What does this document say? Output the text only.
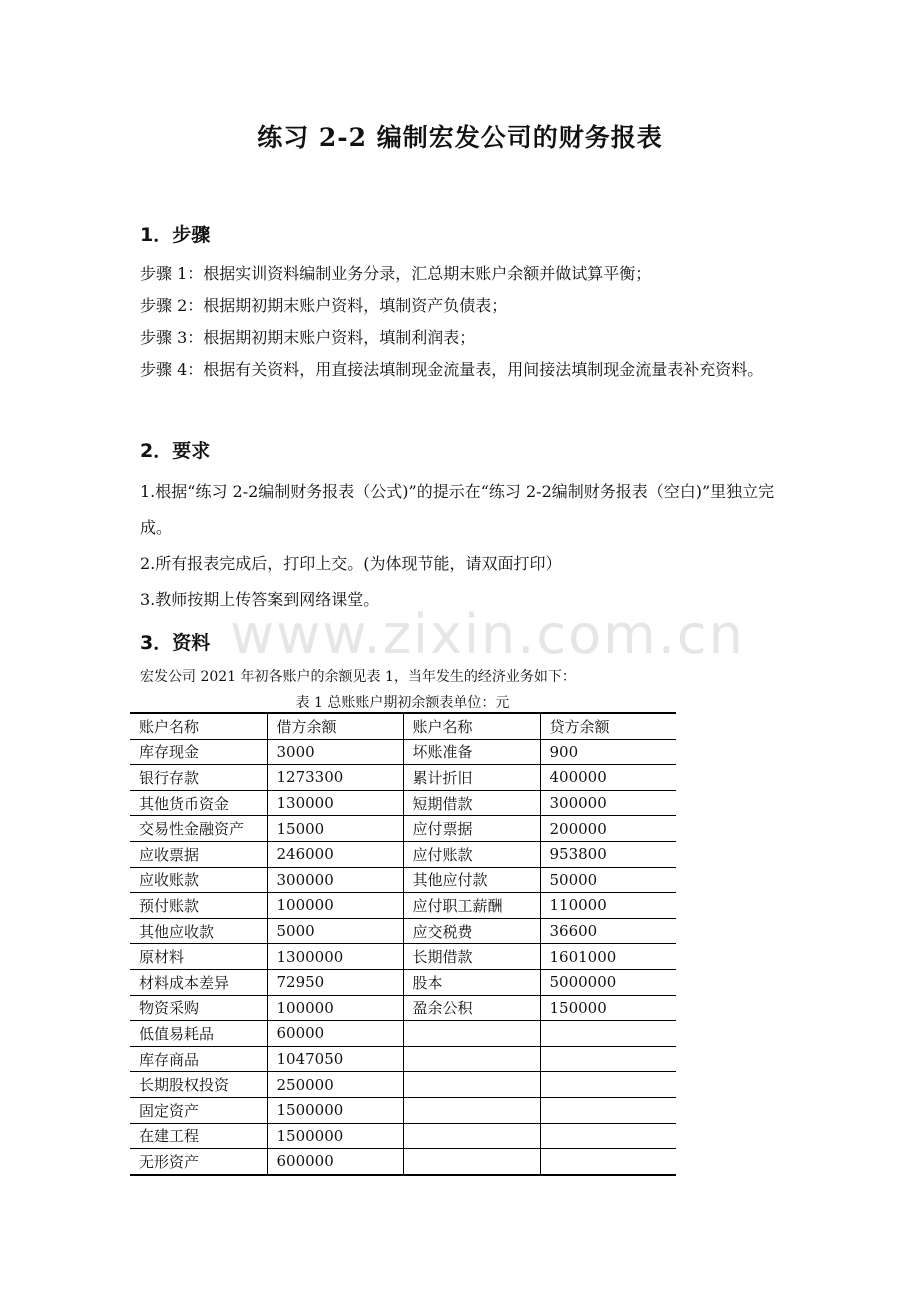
www.zixin.com.cn
练习 2-2 编制宏发公司的财务报表
1．步骤
步骤 1：根据实训资料编制业务分录，汇总期末账户余额并做试算平衡；
步骤 2：根据期初期末账户资料，填制资产负债表；
步骤 3：根据期初期末账户资料，填制利润表；
步骤 4：根据有关资料，用直接法填制现金流量表，用间接法填制现金流量表补充资料。
2．要求
1.根据“练习 2-2编制财务报表（公式)”的提示在“练习 2-2编制财务报表（空白)”里独立完成。
2.所有报表完成后，打印上交。(为体现节能，请双面打印）
3.教师按期上传答案到网络课堂。
3．资料
宏发公司 2021 年初各账户的余额见表 1，当年发生的经济业务如下：
表 1 总账账户期初余额表单位：元
账户名称	借方余额	账户名称	贷方余额
库存现金	3000	坏账准备	900
银行存款	1273300	累计折旧	400000
其他货币资金	130000	短期借款	300000
交易性金融资产	15000	应付票据	200000
应收票据	246000	应付账款	953800
应收账款	300000	其他应付款	50000
预付账款	100000	应付职工薪酬	110000
其他应收款	5000	应交税费	36600
原材料	1300000	长期借款	1601000
材料成本差异	72950	股本	5000000
物资采购	100000	盈余公积	150000
低值易耗品	60000		
库存商品	1047050		
长期股权投资	250000		
固定资产	1500000		
在建工程	1500000		
无形资产	600000		
